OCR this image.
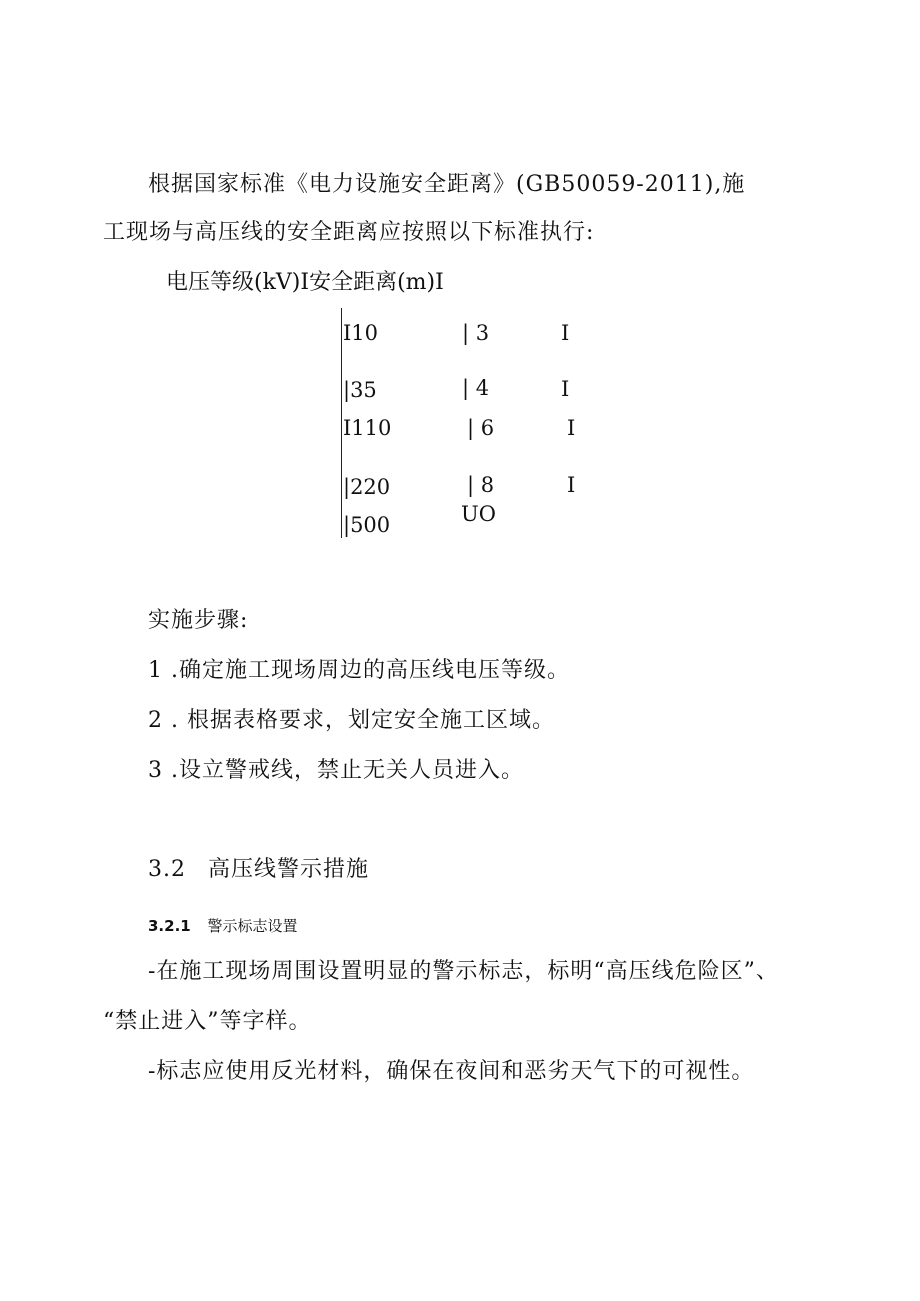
根据国家标准《电力设施安全距离》(GB50059-2011),施
工现场与高压线的安全距离应按照以下标准执行:
电压等级(kV)I安全距离(m)I
I10	| 3	I
|35	| 4	I
I110	| 6	I
|220	| 8	I
|500	UO
实施步骤:
1 .确定施工现场周边的高压线电压等级。
2 . 根据表格要求，划定安全施工区域。
3 .设立警戒线，禁止无关人员进入。
3.2 高压线警示措施
3.2.1 警示标志设置
-在施工现场周围设置明显的警示标志，标明“高压线危险区”、
“禁止进入”等字样。
-标志应使用反光材料，确保在夜间和恶劣天气下的可视性。
